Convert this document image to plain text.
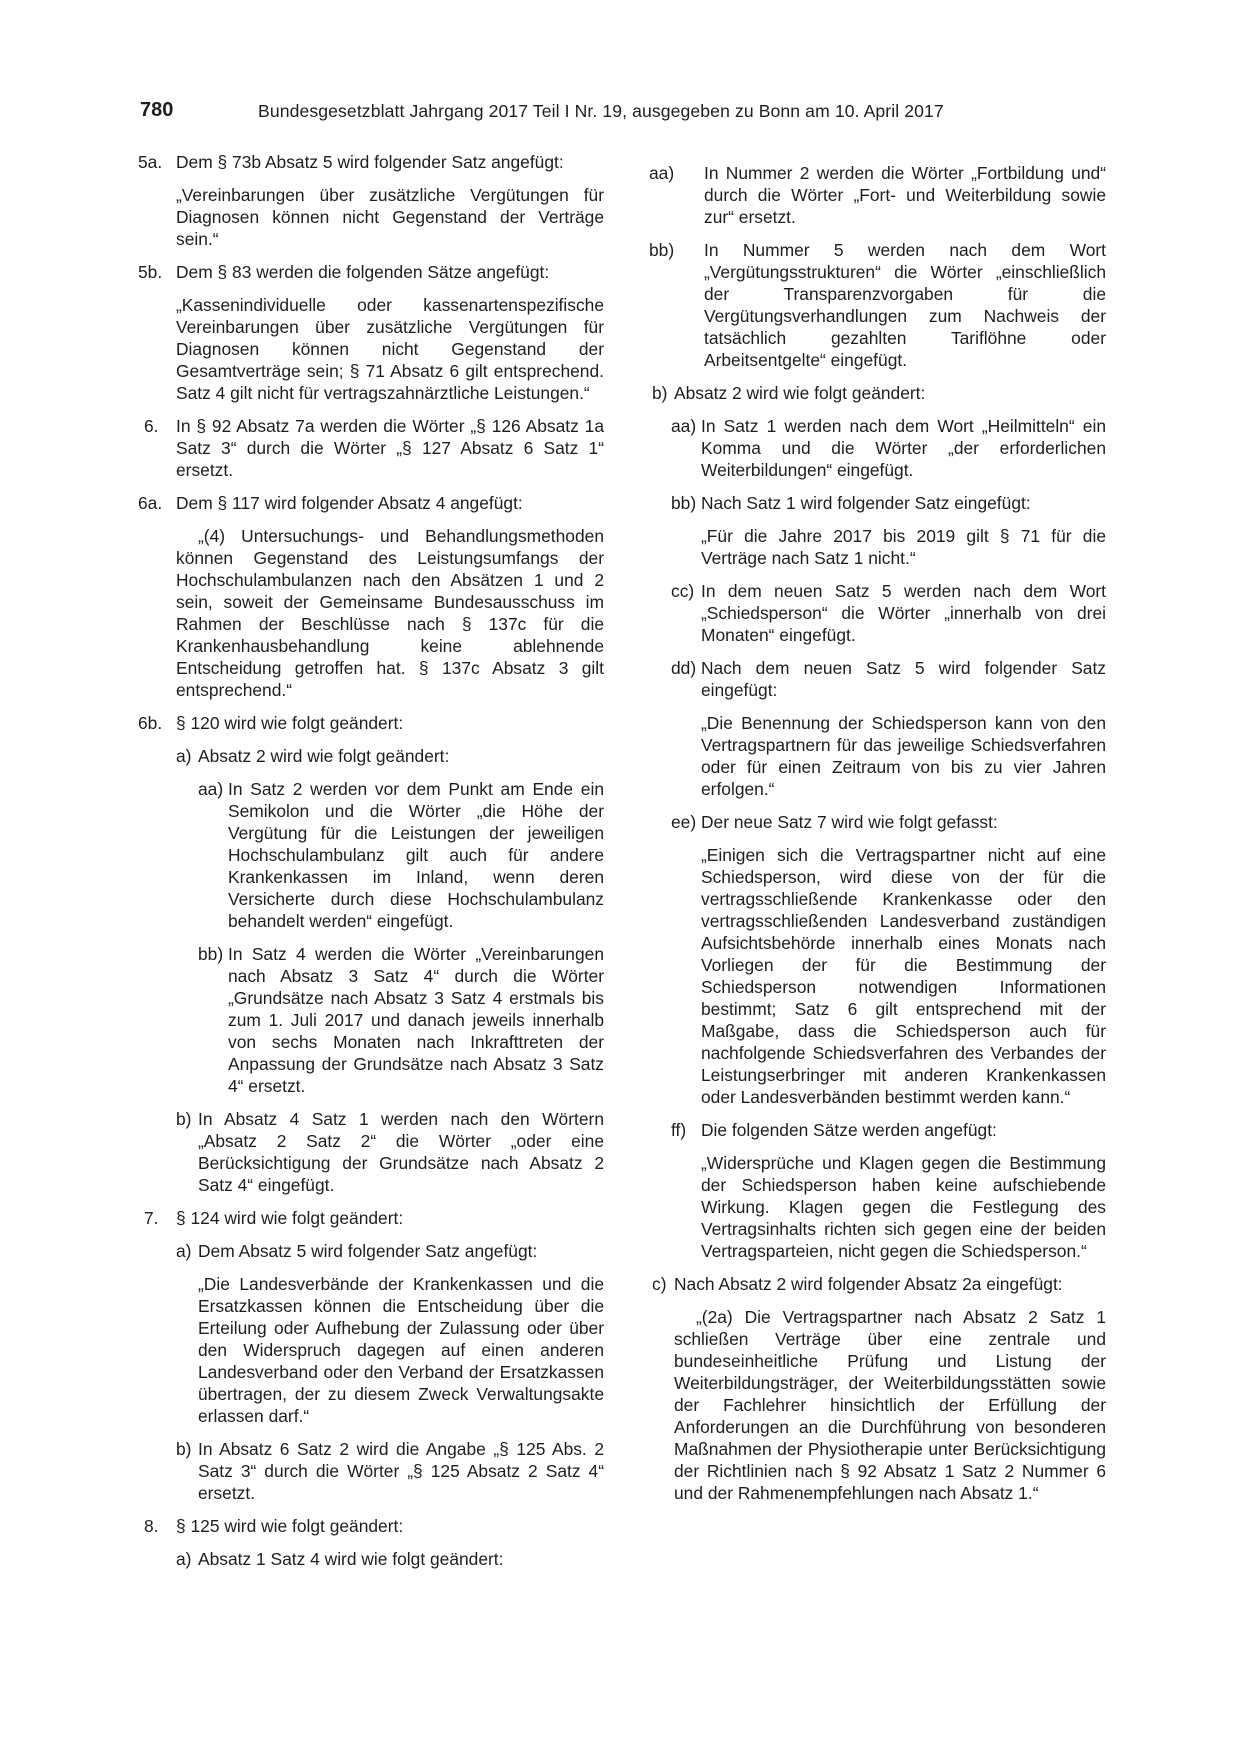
780	Bundesgesetzblatt Jahrgang 2017 Teil I Nr. 19, ausgegeben zu Bonn am 10. April 2017
5a. Dem § 73b Absatz 5 wird folgender Satz angefügt:
„Vereinbarungen über zusätzliche Vergütungen für Diagnosen können nicht Gegenstand der Verträge sein.“
5b. Dem § 83 werden die folgenden Sätze angefügt:
„Kassenindividuelle oder kassenartenspezifische Vereinbarungen über zusätzliche Vergütungen für Diagnosen können nicht Gegenstand der Gesamtverträge sein; § 71 Absatz 6 gilt entsprechend. Satz 4 gilt nicht für vertragszahnärztliche Leistungen.“
6. In § 92 Absatz 7a werden die Wörter „§ 126 Absatz 1a Satz 3“ durch die Wörter „§ 127 Absatz 6 Satz 1“ ersetzt.
6a. Dem § 117 wird folgender Absatz 4 angefügt:
„(4) Untersuchungs- und Behandlungsmethoden können Gegenstand des Leistungsumfangs der Hochschulambulanzen nach den Absätzen 1 und 2 sein, soweit der Gemeinsame Bundesausschuss im Rahmen der Beschlüsse nach § 137c für die Krankenhausbehandlung keine ablehnende Entscheidung getroffen hat. § 137c Absatz 3 gilt entsprechend.“
6b. § 120 wird wie folgt geändert:
a) Absatz 2 wird wie folgt geändert:
aa) In Satz 2 werden vor dem Punkt am Ende ein Semikolon und die Wörter „die Höhe der Vergütung für die Leistungen der jeweiligen Hochschulambulanz gilt auch für andere Krankenkassen im Inland, wenn deren Versicherte durch diese Hochschulambulanz behandelt werden“ eingefügt.
bb) In Satz 4 werden die Wörter „Vereinbarungen nach Absatz 3 Satz 4“ durch die Wörter „Grundsätze nach Absatz 3 Satz 4 erstmals bis zum 1. Juli 2017 und danach jeweils innerhalb von sechs Monaten nach Inkrafttreten der Anpassung der Grundsätze nach Absatz 3 Satz 4“ ersetzt.
b) In Absatz 4 Satz 1 werden nach den Wörtern „Absatz 2 Satz 2“ die Wörter „oder eine Berücksichtigung der Grundsätze nach Absatz 2 Satz 4“ eingefügt.
7. § 124 wird wie folgt geändert:
a) Dem Absatz 5 wird folgender Satz angefügt:
„Die Landesverbände der Krankenkassen und die Ersatzkassen können die Entscheidung über die Erteilung oder Aufhebung der Zulassung oder über den Widerspruch dagegen auf einen anderen Landesverband oder den Verband der Ersatzkassen übertragen, der zu diesem Zweck Verwaltungsakte erlassen darf.“
b) In Absatz 6 Satz 2 wird die Angabe „§ 125 Abs. 2 Satz 3“ durch die Wörter „§ 125 Absatz 2 Satz 4“ ersetzt.
8. § 125 wird wie folgt geändert:
a) Absatz 1 Satz 4 wird wie folgt geändert:
aa) In Nummer 2 werden die Wörter „Fortbildung und“ durch die Wörter „Fort- und Weiterbildung sowie zur“ ersetzt.
bb) In Nummer 5 werden nach dem Wort „Vergütungsstrukturen“ die Wörter „einschließlich der Transparenzvorgaben für die Vergütungsverhandlungen zum Nachweis der tatsächlich gezahlten Tariflöhne oder Arbeitsentgelte“ eingefügt.
b) Absatz 2 wird wie folgt geändert:
aa) In Satz 1 werden nach dem Wort „Heilmitteln“ ein Komma und die Wörter „der erforderlichen Weiterbildungen“ eingefügt.
bb) Nach Satz 1 wird folgender Satz eingefügt:
„Für die Jahre 2017 bis 2019 gilt § 71 für die Verträge nach Satz 1 nicht.“
cc) In dem neuen Satz 5 werden nach dem Wort „Schiedsperson“ die Wörter „innerhalb von drei Monaten“ eingefügt.
dd) Nach dem neuen Satz 5 wird folgender Satz eingefügt:
„Die Benennung der Schiedsperson kann von den Vertragspartnern für das jeweilige Schiedsverfahren oder für einen Zeitraum von bis zu vier Jahren erfolgen.“
ee) Der neue Satz 7 wird wie folgt gefasst:
„Einigen sich die Vertragspartner nicht auf eine Schiedsperson, wird diese von der für die vertragsschließende Krankenkasse oder den vertragsschließenden Landesverband zuständigen Aufsichtsbehörde innerhalb eines Monats nach Vorliegen der für die Bestimmung der Schiedsperson notwendigen Informationen bestimmt; Satz 6 gilt entsprechend mit der Maßgabe, dass die Schiedsperson auch für nachfolgende Schiedsverfahren des Verbandes der Leistungserbringer mit anderen Krankenkassen oder Landesverbänden bestimmt werden kann.“
ff) Die folgenden Sätze werden angefügt:
„Widersprüche und Klagen gegen die Bestimmung der Schiedsperson haben keine aufschiebende Wirkung. Klagen gegen die Festlegung des Vertragsinhalts richten sich gegen eine der beiden Vertragsparteien, nicht gegen die Schiedsperson.“
c) Nach Absatz 2 wird folgender Absatz 2a eingefügt:
„(2a) Die Vertragspartner nach Absatz 2 Satz 1 schließen Verträge über eine zentrale und bundeseinheitliche Prüfung und Listung der Weiterbildungsträger, der Weiterbildungsstätten sowie der Fachlehrer hinsichtlich der Erfüllung der Anforderungen an die Durchführung von besonderen Maßnahmen der Physiotherapie unter Berücksichtigung der Richtlinien nach § 92 Absatz 1 Satz 2 Nummer 6 und der Rahmenempfehlungen nach Absatz 1.“
